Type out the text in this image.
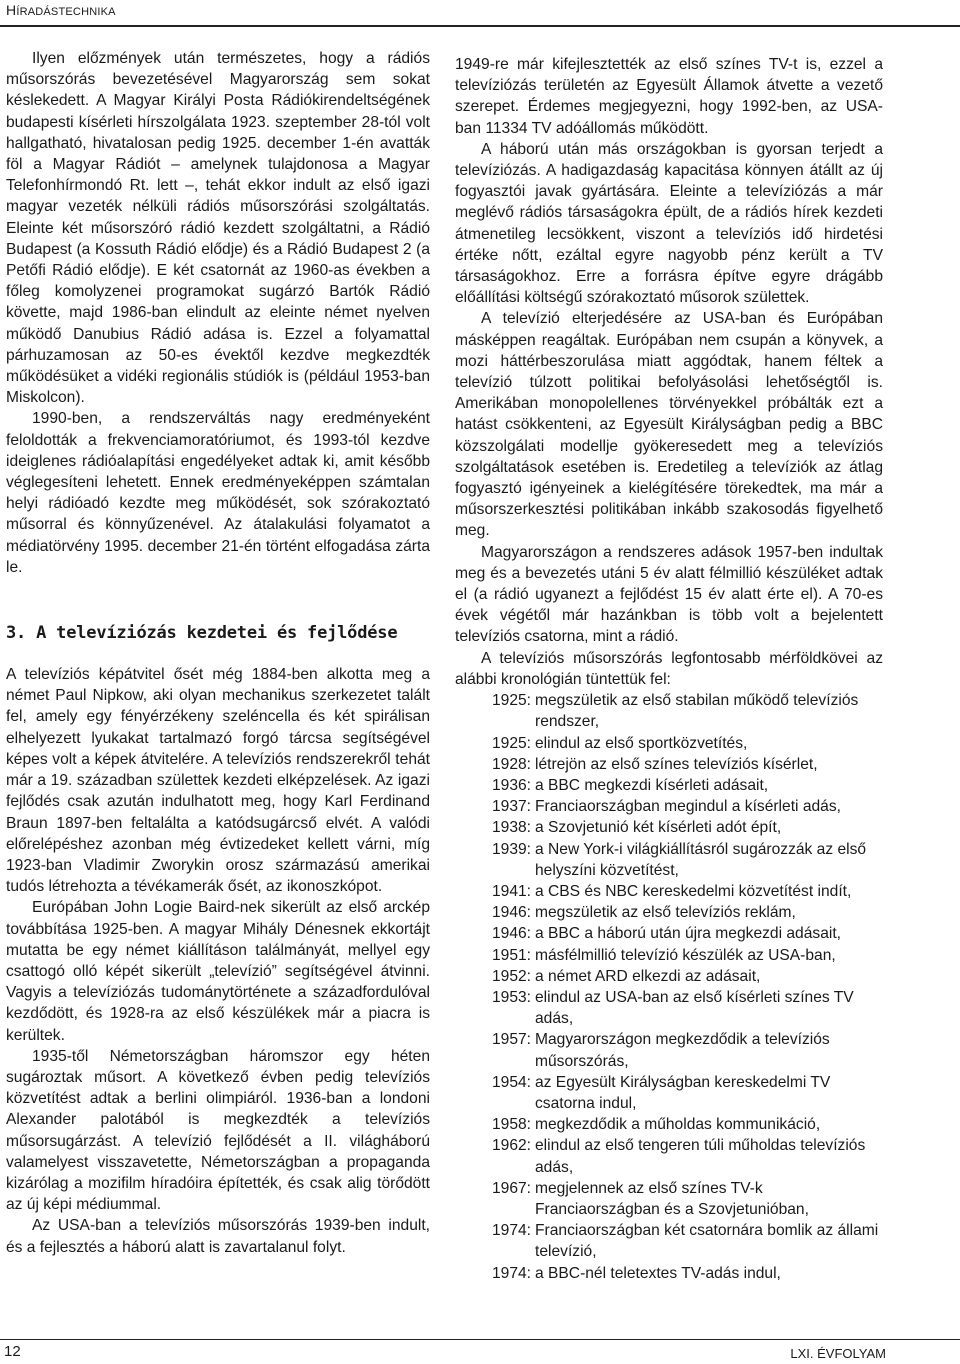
HÍRADÁSTECHNIKA

Ilyen előzmények után természetes, hogy a rádiós műsorszórás bevezetésével Magyarország sem sokat késlekedett. A Magyar Királyi Posta Rádiókirendeltségének budapesti kísérleti hírszolgálata 1923. szeptember 28-tól volt hallgatható, hivatalosan pedig 1925. december 1-én avatták föl a Magyar Rádiót – amelynek tulajdonosa a Magyar Telefonhírmondó Rt. lett –, tehát ekkor indult az első igazi magyar vezeték nélküli rádiós műsorszórási szolgáltatás. Eleinte két műsorszóró rádió kezdett szolgáltatni, a Rádió Budapest (a Kossuth Rádió elődje) és a Rádió Budapest 2 (a Petőfi Rádió elődje). E két csatornát az 1960-as években a főleg komolyzenei programokat sugárzó Bartók Rádió követte, majd 1986-ban elindult az eleinte német nyelven működő Danubius Rádió adása is. Ezzel a folyamattal párhuzamosan az 50-es évektől kezdve megkezdték működésüket a vidéki regionális stúdiók is (például 1953-ban Miskolcon).

1990-ben, a rendszerváltás nagy eredményeként feloldották a frekvenciamoratóriumot, és 1993-tól kezdve ideiglenes rádióalapítási engedélyeket adtak ki, amit később véglegesíteni lehetett. Ennek eredményeképpen számtalan helyi rádióadó kezdte meg működését, sok szórakoztató műsorral és könnyűzenével. Az átalakulási folyamatot a médiatörvény 1995. december 21-én történt elfogadása zárta le.

3. A televíziózás kezdetei és fejlődése

A televíziós képátvitel ősét még 1884-ben alkotta meg a német Paul Nipkow, aki olyan mechanikus szerkezetet talált fel, amely egy fényérzékeny szeléncella és két spirálisan elhelyezett lyukakat tartalmazó forgó tárcsa segítségével képes volt a képek átvitelére. A televíziós rendszerekről tehát már a 19. században születtek kezdeti elképzelések. Az igazi fejlődés csak azután indulhatott meg, hogy Karl Ferdinand Braun 1897-ben feltalálta a katódsugárcső elvét. A valódi előrelépéshez azonban még évtizedeket kellett várni, míg 1923-ban Vladimir Zworykin orosz származású amerikai tudós létrehozta a tévékamerák ősét, az ikonoszkópot.

Európában John Logie Baird-nek sikerült az első arckép továbbítása 1925-ben. A magyar Mihály Dénesnek ekkortájt mutatta be egy német kiállításon találmányát, mellyel egy csattogó olló képét sikerült „televízió” segítségével átvinni. Vagyis a televíziózás tudománytörténete a századfordulóval kezdődött, és 1928-ra az első készülékek már a piacra is kerültek.

1935-től Németországban háromszor egy héten sugároztak műsort. A következő évben pedig televíziós közvetítést adtak a berlini olimpiáról. 1936-ban a londoni Alexander palotából is megkezdték a televíziós műsorsugárzást. A televízió fejlődését a II. világháború valamelyest visszavetette, Németországban a propaganda kizárólag a mozifilm híradóira építették, és csak alig törődött az új képi médiummal.

Az USA-ban a televíziós műsorszórás 1939-ben indult, és a fejlesztés a háború alatt is zavartalanul folyt.

1949-re már kifejlesztették az első színes TV-t is, ezzel a televíziózás területén az Egyesült Államok átvette a vezető szerepet. Érdemes megjegyezni, hogy 1992-ben, az USA-ban 11334 TV adóállomás működött.

A háború után más országokban is gyorsan terjedt a televíziózás. A hadigazdaság kapacitása könnyen átállt az új fogyasztói javak gyártására. Eleinte a televíziózás a már meglévő rádiós társaságokra épült, de a rádiós hírek kezdeti átmenetileg lecsökkent, viszont a televíziós idő hirdetési értéke nőtt, ezáltal egyre nagyobb pénz került a TV társaságokhoz. Erre a forrásra építve egyre drágább előállítási költségű szórakoztató műsorok születtek.

A televízió elterjedésére az USA-ban és Európában másképpen reagáltak. Európában nem csupán a könyvek, a mozi háttérbeszorulása miatt aggódtak, hanem féltek a televízió túlzott politikai befolyásolási lehetőségtől is. Amerikában monopolellenes törvényekkel próbálták ezt a hatást csökkenteni, az Egyesült Királyságban pedig a BBC közszolgálati modellje gyökeresedett meg a televíziós szolgáltatások esetében is. Eredetileg a televíziók az átlag fogyasztó igényeinek a kielégítésére törekedtek, ma már a műsorszerkesztési politikában inkább szakosodás figyelhető meg.

Magyarországon a rendszeres adások 1957-ben indultak meg és a bevezetés utáni 5 év alatt félmillió készüléket adtak el (a rádió ugyanezt a fejlődést 15 év alatt érte el). A 70-es évek végétől már hazánkban is több volt a bejelentett televíziós csatorna, mint a rádió.

A televíziós műsorszórás legfontosabb mérföldkövei az alábbi kronológián tüntettük fel:

1925: megszületik az első stabilan működő televíziós rendszer,
1925: elindul az első sportközvetítés,
1928: létrejön az első színes televíziós kísérlet,
1936: a BBC megkezdi kísérleti adásait,
1937: Franciaországban megindul a kísérleti adás,
1938: a Szovjetunió két kísérleti adót épít,
1939: a New York-i világkiállításról sugározzák az első helyszíni közvetítést,
1941: a CBS és NBC kereskedelmi közvetítést indít,
1946: megszületik az első televíziós reklám,
1946: a BBC a háború után újra megkezdi adásait,
1951: másfélmillió televízió készülék az USA-ban,
1952: a német ARD elkezdi az adásait,
1953: elindul az USA-ban az első kísérleti színes TV adás,
1957: Magyarországon megkezdődik a televíziós műsorszórás,
1954: az Egyesült Királyságban kereskedelmi TV csatorna indul,
1958: megkezdődik a műholdas kommunikáció,
1962: elindul az első tengeren túli műholdas televíziós adás,
1967: megjelennek az első színes TV-k Franciaországban és a Szovjetunióban,
1974: Franciaországban két csatornára bomlik az állami televízió,
1974: a BBC-nél teletextes TV-adás indul,
12	LXI. ÉVFOLYAM
